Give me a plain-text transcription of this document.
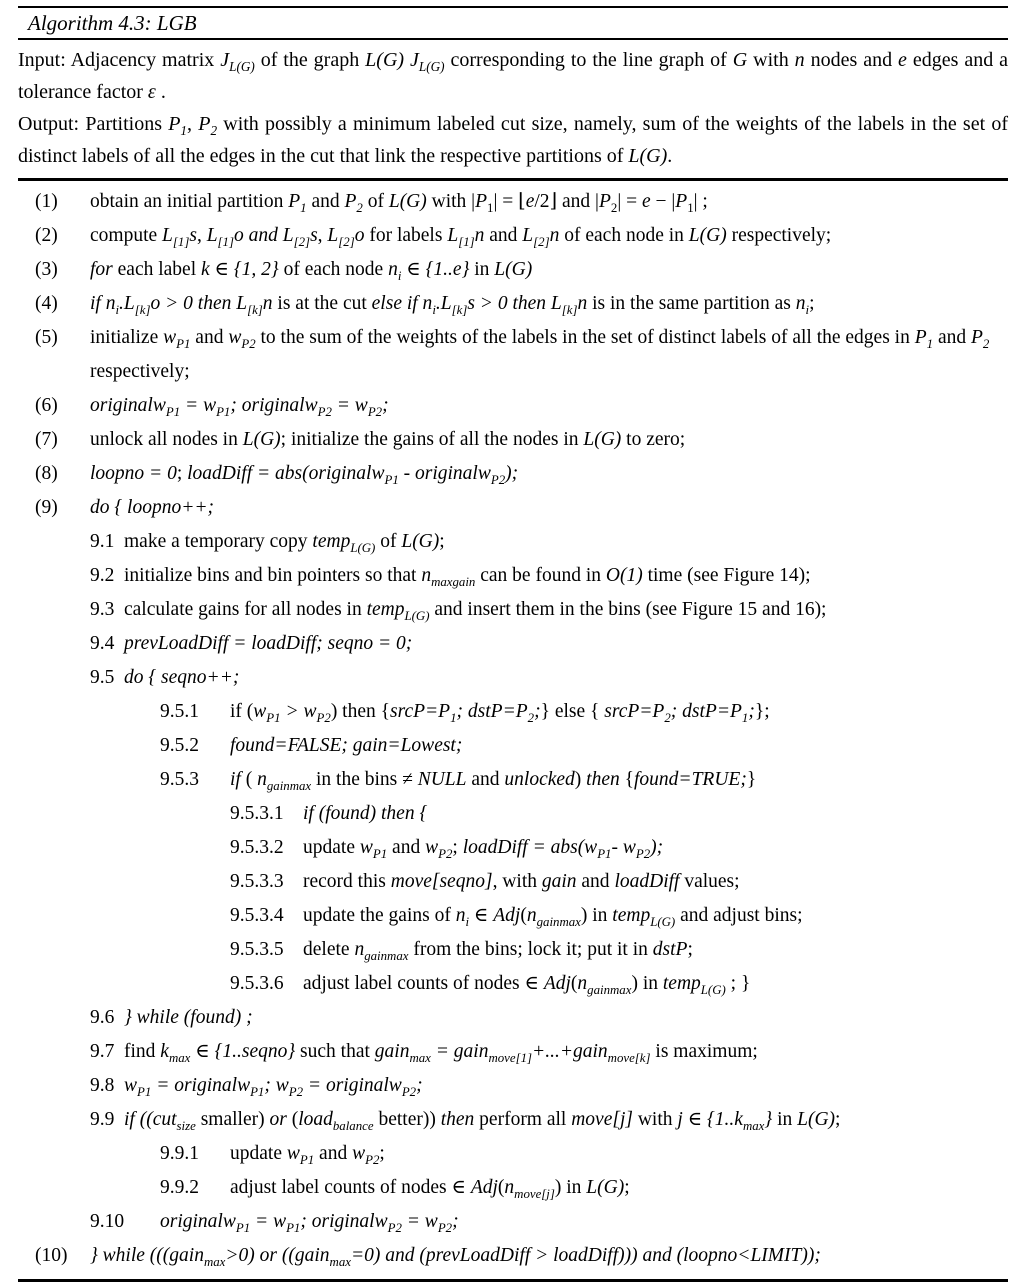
Algorithm 4.3: LGB

Input: Adjacency matrix $J_{L(G)}$ of the graph L(G) $J_{L(G)}$ corresponding to the line graph of G with n nodes and e edges and a tolerance factor ε .

Output: Partitions $P_1$, $P_2$ with possibly a minimum labeled cut size, namely, sum of the weights of the labels in the set of distinct labels of all the edges in the cut that link the respective partitions of L(G).

(1)	obtain an initial partition $P_1$ and $P_2$ of L(G) with $|P_1|$ = ⌊e/2⌋ and $|P_2| = e - |P_1|$ ;
(2)	compute $L_{[1]}s$, $L_{[1]}o$ and $L_{[2]}s$, $L_{[2]}o$ for labels $L_{[1]}n$ and $L_{[2]}n$ of each node in L(G) respectively;
(3)	for each label k ∈ {1, 2} of each node $n_i$ ∈ {1..e} in L(G)
(4)	if $n_i.L_{[k]}o > 0$ then $L_{[k]}n$ is at the cut else if $n_i.L_{[k]}s > 0$ then $L_{[k]}n$ is in the same partition as $n_i$;
(5)	initialize $w_{P1}$ and $w_{P2}$ to the sum of the weights of the labels in the set of distinct labels of all the edges in $P_1$ and $P_2$ respectively;
(6)	originalw$_{P1}$ = $w_{P1}$; originalw$_{P2}$ = $w_{P2}$;
(7)	unlock all nodes in L(G); initialize the gains of all the nodes in L(G) to zero;
(8)	loopno = 0; loadDiff = abs(originalw$_{P1}$ - originalw$_{P2}$);
(9)	do { loopno++;
9.1 make a temporary copy temp$_{L(G)}$ of L(G);
9.2 initialize bins and bin pointers so that $n_{maxgain}$ can be found in O(1) time (see Figure 14);
9.3 calculate gains for all nodes in temp$_{L(G)}$ and insert them in the bins (see Figure 15 and 16);
9.4 prevLoadDiff = loadDiff; seqno = 0;
9.5 do { seqno++;
9.5.1	if $(w_{P1} > w_{P2})$ then {$srcP=P_1$; $dstP=P_2$;} else { $srcP=P_2$; $dstP=P_1$;};
9.5.2	found=FALSE; gain=Lowest;
9.5.3	if ( $n_{gainmax}$ in the bins ≠ NULL and unlocked) then {found=TRUE;}
9.5.3.1 if (found) then {
9.5.3.2 update $w_{P1}$ and $w_{P2}$; loadDiff = $abs(w_{P1}-$ $w_{P2}$);
9.5.3.3 record this move[seqno], with gain and loadDiff values;
9.5.3.4 update the gains of $n_i$ ∈ $Adj(n_{gainmax})$ in temp$_{L(G)}$ and adjust bins;
9.5.3.5 delete $n_{gainmax}$ from the bins; lock it; put it in dstP;
9.5.3.6 adjust label counts of nodes ∈ $Adj(n_{gainmax})$ in temp$_{L(G)}$ ; }
9.6 } while (found) ;
9.7 find $k_{max}$ ∈ {1..seqno} such that gain$_{max}$ = gain$_{move[1]}$+...+gain$_{move[k]}$ is maximum;
9.8 $w_{P1}$ = originalw$_{P1}$; $w_{P2}$ = originalw$_{P2}$;
9.9 if ((cut$_{size}$ smaller) or (load$_{balance}$ better)) then perform all move[j] with j ∈ $\{1..k_{max}\}$ in L(G);
9.9.1	update $w_{P1}$ and $w_{P2}$;
9.9.2	adjust label counts of nodes ∈ $Adj(n_{move[j]})$ in L(G);
9.10	originalw$_{P1}$ = $w_{P1}$; originalw$_{P2}$ = $w_{P2}$;
(10)	} while (((gain$_{max}$>0) or ((gain$_{max}$=0) and (prevLoadDiff > loadDiff))) and (loopno<LIMIT));
